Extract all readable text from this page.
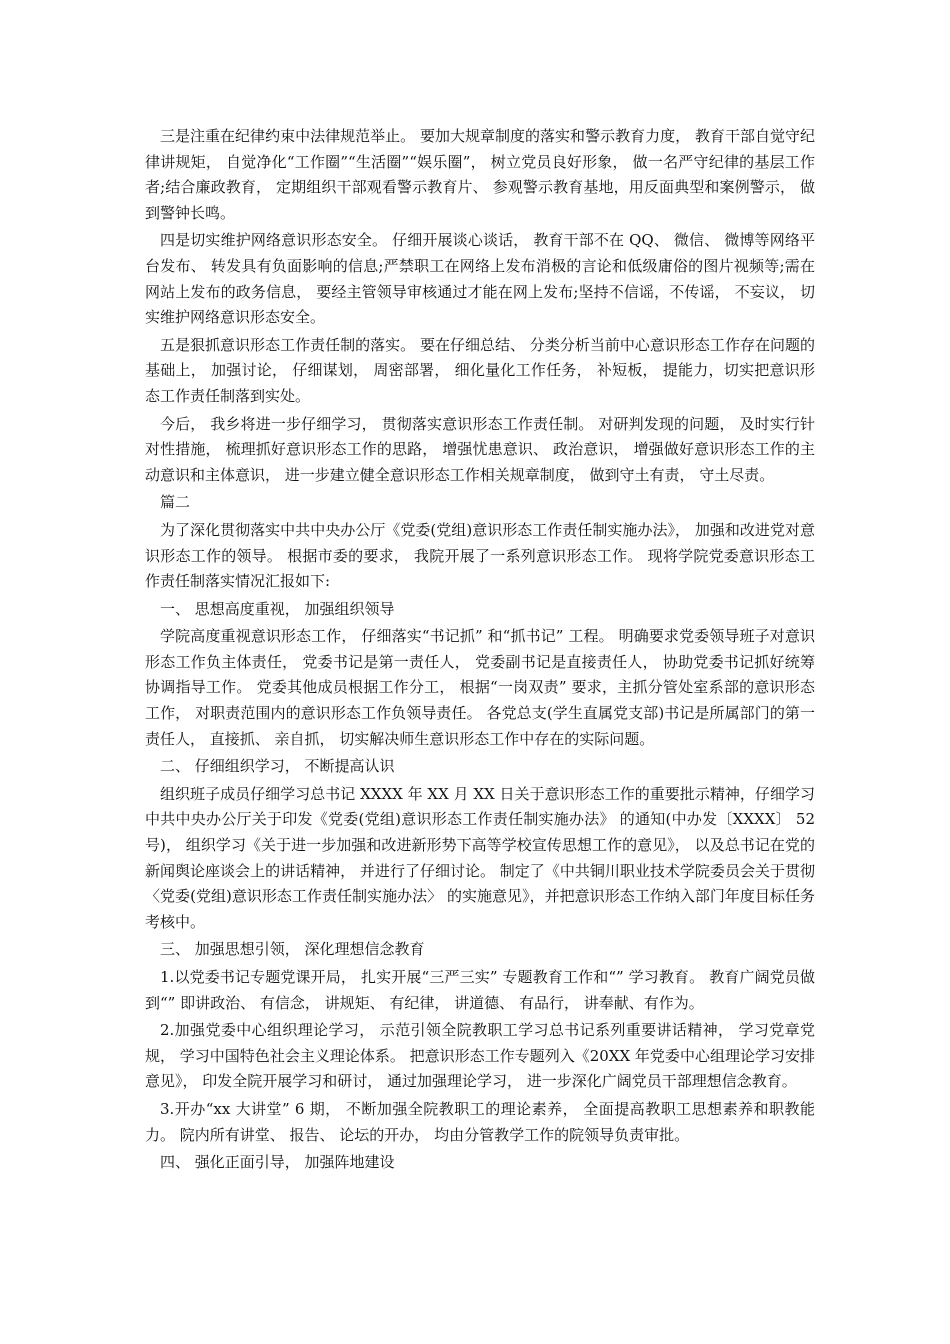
三是注重在纪律约束中法律规范举止。 要加大规章制度的落实和警示教育力度， 教育干部自觉守纪律讲规矩， 自觉净化“工作圈”“生活圈”“娱乐圈”， 树立党员良好形象， 做一名严守纪律的基层工作者;结合廉政教育， 定期组织干部观看警示教育片、 参观警示教育基地，用反面典型和案例警示， 做到警钟长鸣。

四是切实维护网络意识形态安全。 仔细开展谈心谈话， 教育干部不在 QQ、 微信、 微博等网络平台发布、 转发具有负面影响的信息;严禁职工在网络上发布消极的言论和低级庸俗的图片视频等;需在网站上发布的政务信息， 要经主管领导审核通过才能在网上发布;坚持不信谣，不传谣， 不妄议， 切实维护网络意识形态安全。

五是狠抓意识形态工作责任制的落实。 要在仔细总结、 分类分析当前中心意识形态工作存在问题的基础上， 加强讨论， 仔细谋划， 周密部署， 细化量化工作任务， 补短板， 提能力，切实把意识形态工作责任制落到实处。

今后， 我乡将进一步仔细学习， 贯彻落实意识形态工作责任制。 对研判发现的问题， 及时实行针对性措施， 梳理抓好意识形态工作的思路， 增强忧患意识、 政治意识， 增强做好意识形态工作的主动意识和主体意识， 进一步建立健全意识形态工作相关规章制度， 做到守土有责， 守土尽责。

篇二

为了深化贯彻落实中共中央办公厅《党委(党组)意识形态工作责任制实施办法》， 加强和改进党对意识形态工作的领导。 根据市委的要求， 我院开展了一系列意识形态工作。 现将学院党委意识形态工作责任制落实情况汇报如下:

一、 思想高度重视， 加强组织领导

学院高度重视意识形态工作， 仔细落实“书记抓” 和“抓书记” 工程。 明确要求党委领导班子对意识形态工作负主体责任， 党委书记是第一责任人， 党委副书记是直接责任人， 协助党委书记抓好统筹协调指导工作。 党委其他成员根据工作分工， 根据“一岗双责” 要求，主抓分管处室系部的意识形态工作， 对职责范围内的意识形态工作负领导责任。 各党总支(学生直属党支部)书记是所属部门的第一责任人， 直接抓、 亲自抓， 切实解决师生意识形态工作中存在的实际问题。

二、 仔细组织学习， 不断提高认识

组织班子成员仔细学习总书记 XXXX 年 XX 月 XX 日关于意识形态工作的重要批示精神，仔细学习中共中央办公厅关于印发《党委(党组)意识形态工作责任制实施办法》 的通知(中办发〔XXXX〕 52 号)， 组织学习《关于进一步加强和改进新形势下高等学校宣传思想工作的意见》， 以及总书记在党的新闻舆论座谈会上的讲话精神， 并进行了仔细讨论。 制定了《中共铜川职业技术学院委员会关于贯彻〈党委(党组)意识形态工作责任制实施办法〉 的实施意见》，并把意识形态工作纳入部门年度目标任务考核中。

三、 加强思想引领， 深化理想信念教育

1.以党委书记专题党课开局， 扎实开展“三严三实” 专题教育工作和“” 学习教育。 教育广阔党员做到“” 即讲政治、 有信念， 讲规矩、 有纪律， 讲道德、 有品行， 讲奉献、有作为。

2.加强党委中心组织理论学习， 示范引领全院教职工学习总书记系列重要讲话精神， 学习党章党规， 学习中国特色社会主义理论体系。 把意识形态工作专题列入《20XX 年党委中心组理论学习安排意见》， 印发全院开展学习和研讨， 通过加强理论学习， 进一步深化广阔党员干部理想信念教育。

3.开办“xx 大讲堂” 6 期， 不断加强全院教职工的理论素养， 全面提高教职工思想素养和职教能力。 院内所有讲堂、 报告、 论坛的开办， 均由分管教学工作的院领导负责审批。

四、 强化正面引导， 加强阵地建设
